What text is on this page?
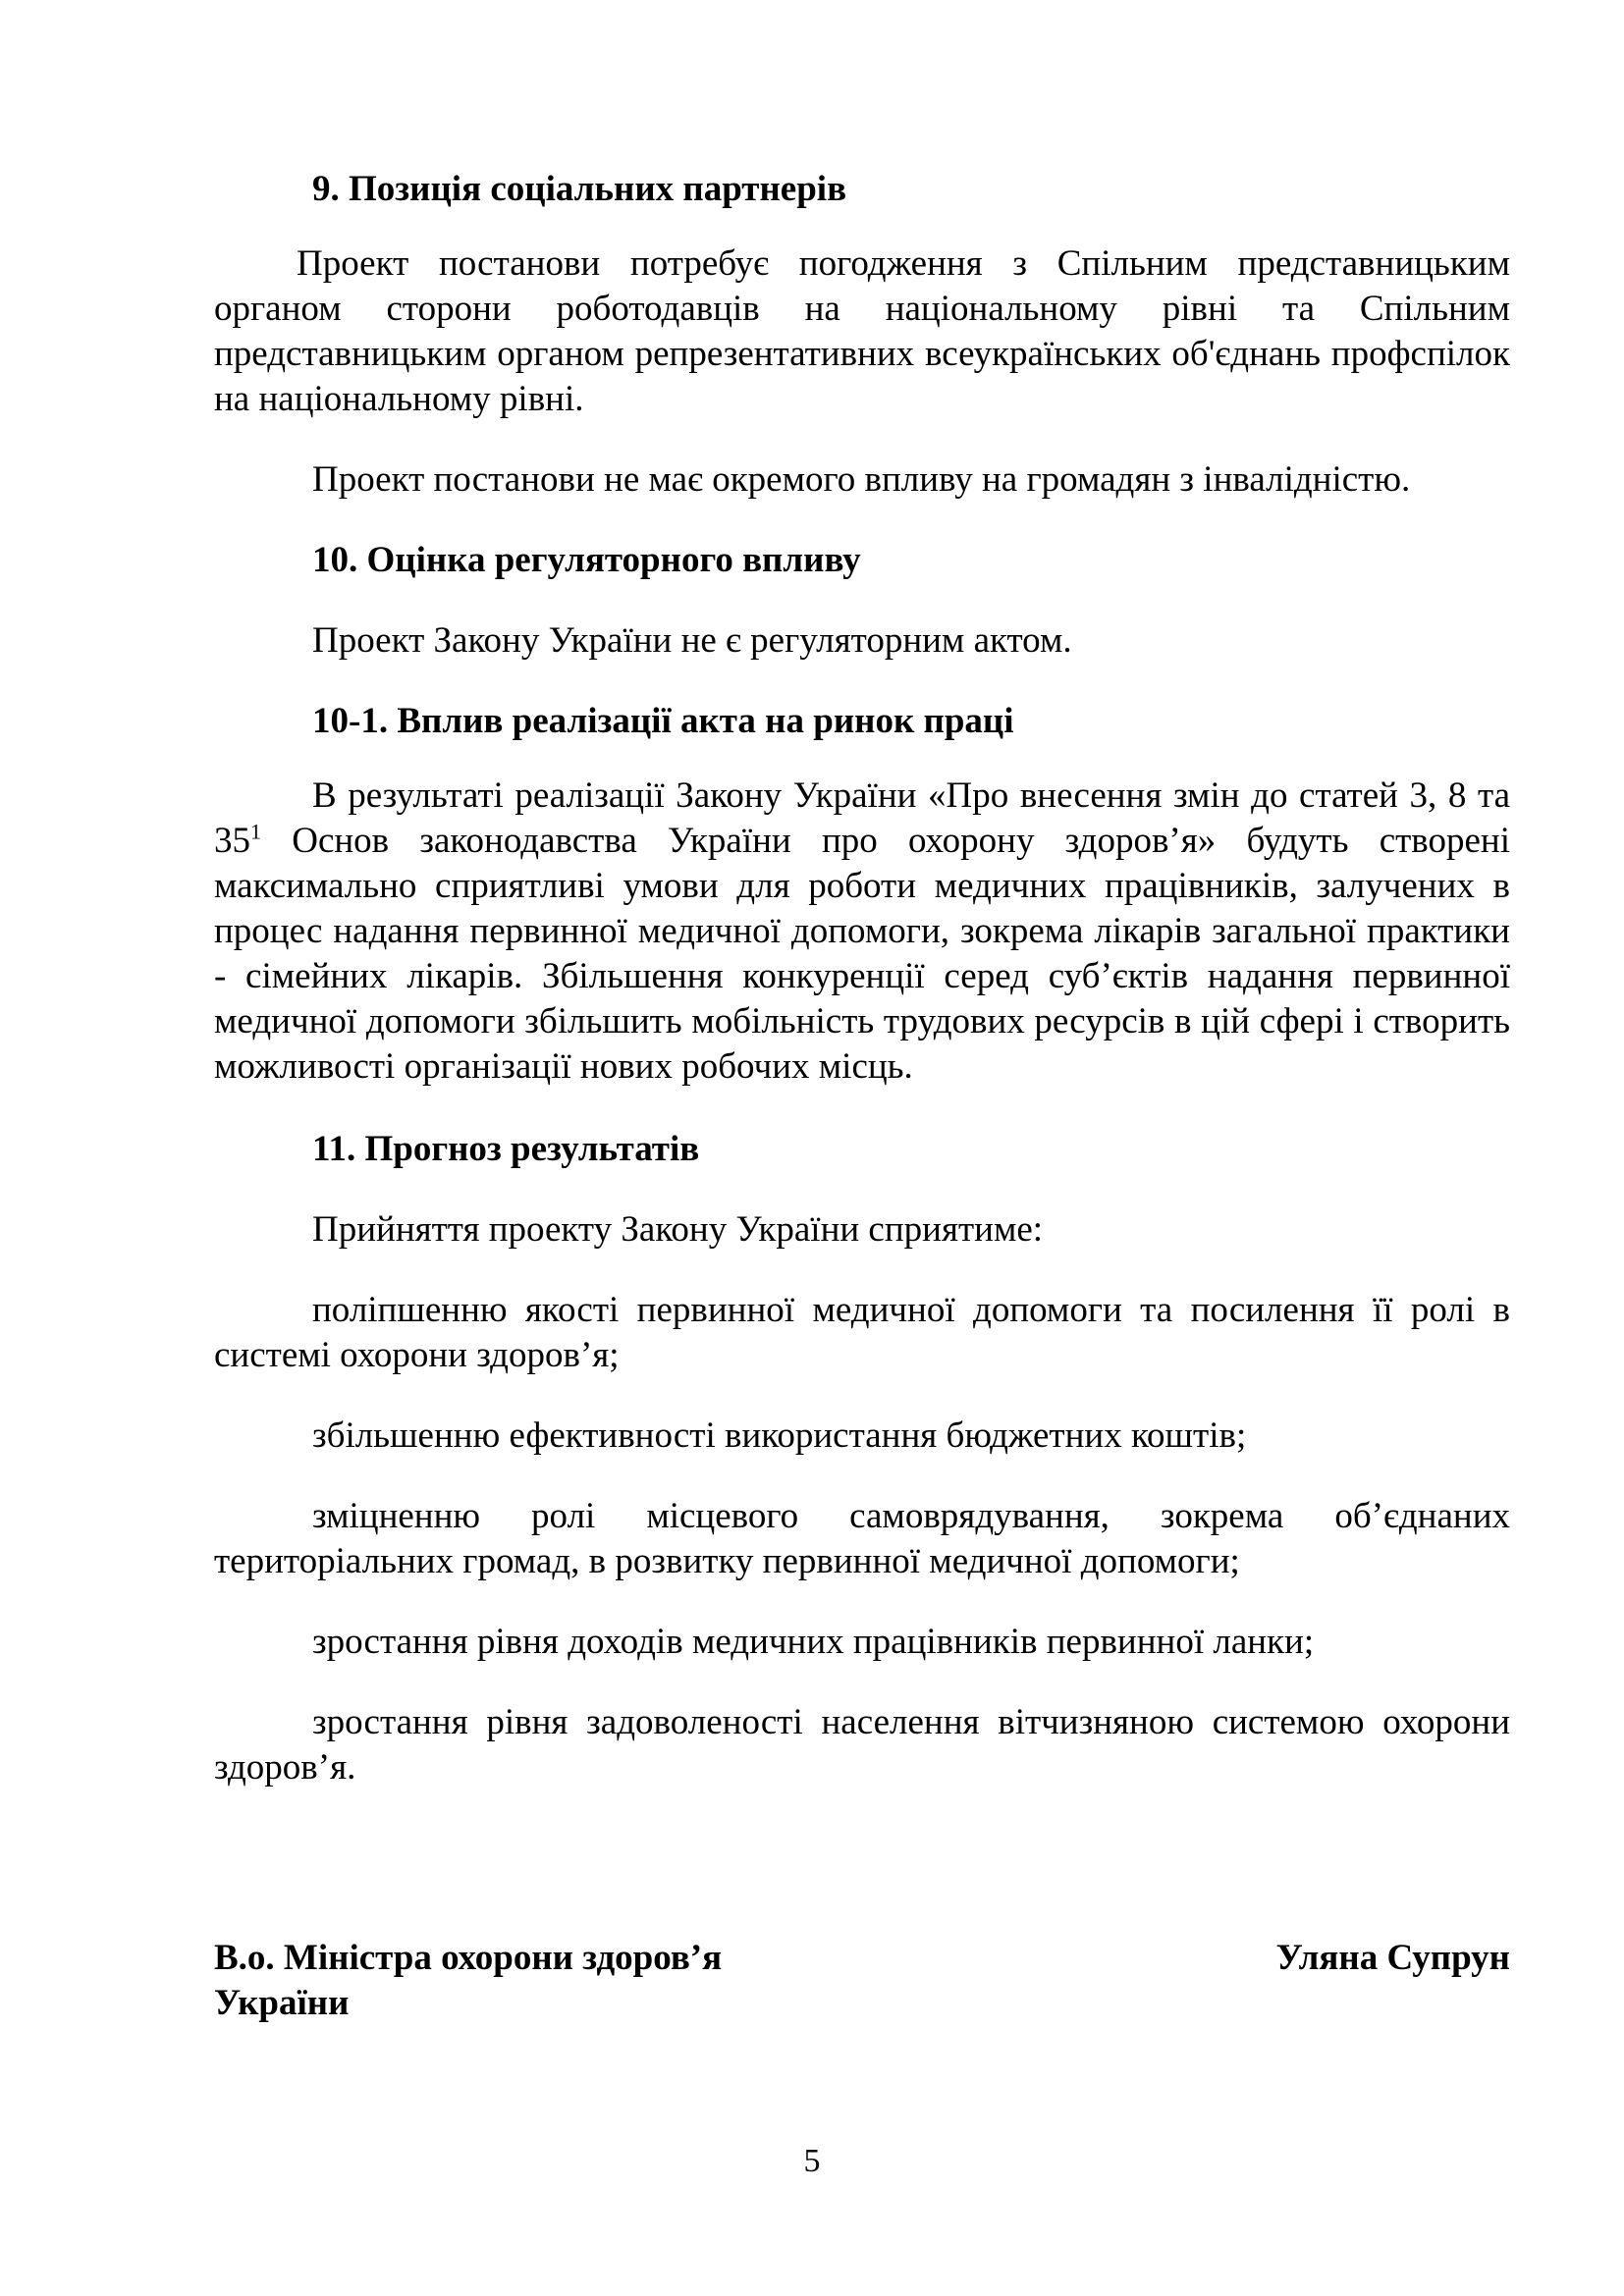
9. Позиція соціальних партнерів

Проект постанови потребує погодження з Спільним представницьким органом сторони роботодавців на національному рівні та Спільним представницьким органом репрезентативних всеукраїнських об'єднань профспілок на національному рівні.

Проект постанови не має окремого впливу на громадян з інвалідністю.

10. Оцінка регуляторного впливу

Проект Закону України не є регуляторним актом.

10-1. Вплив реалізації акта на ринок праці

В результаті реалізації Закону України «Про внесення змін до статей 3, 8 та $35^1$ Основ законодавства України про охорону здоров’я» будуть створені максимально сприятливі умови для роботи медичних працівників, залучених в процес надання первинної медичної допомоги, зокрема лікарів загальної практики - сімейних лікарів. Збільшення конкуренції серед суб’єктів надання первинної медичної допомоги збільшить мобільність трудових ресурсів в цій сфері і створить можливості організації нових робочих місць.

11. Прогноз результатів

Прийняття проекту Закону України сприятиме:

поліпшенню якості первинної медичної допомоги та посилення її ролі в системі охорони здоров’я;

збільшенню ефективності використання бюджетних коштів;

зміцненню ролі місцевого самоврядування, зокрема об’єднаних територіальних громад, в розвитку первинної медичної допомоги;

зростання рівня доходів медичних працівників первинної ланки;

зростання рівня задоволеності населення вітчизняною системою охорони здоров’я.

В.о. Міністра охорони здоров’я
України
Уляна Супрун
5
